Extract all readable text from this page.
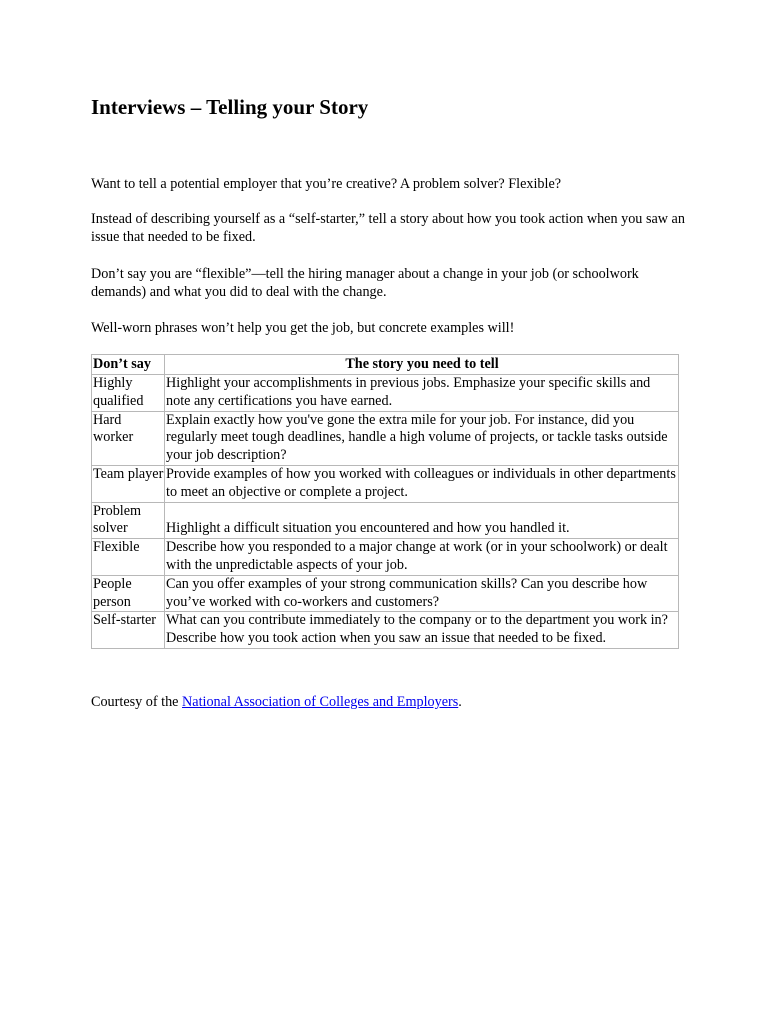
Interviews – Telling your Story

Want to tell a potential employer that you’re creative? A problem solver? Flexible?

Instead of describing yourself as a “self-starter,” tell a story about how you took action when you saw an issue that needed to be fixed.

Don’t say you are “flexible”—tell the hiring manager about a change in your job (or schoolwork demands) and what you did to deal with the change.

Well-worn phrases won’t help you get the job, but concrete examples will!

Don’t say	The story you need to tell
Highly qualified	Highlight your accomplishments in previous jobs. Emphasize your specific skills and note any certifications you have earned.
Hard worker	Explain exactly how you've gone the extra mile for your job. For instance, did you regularly meet tough deadlines, handle a high volume of projects, or tackle tasks outside your job description?
Team player	Provide examples of how you worked with colleagues or individuals in other departments to meet an objective or complete a project.
Problem solver	Highlight a difficult situation you encountered and how you handled it.
Flexible	Describe how you responded to a major change at work (or in your schoolwork) or dealt with the unpredictable aspects of your job.
People person	Can you offer examples of your strong communication skills? Can you describe how you’ve worked with co-workers and customers?
Self-starter	What can you contribute immediately to the company or to the department you work in? Describe how you took action when you saw an issue that needed to be fixed.

Courtesy of the National Association of Colleges and Employers.
